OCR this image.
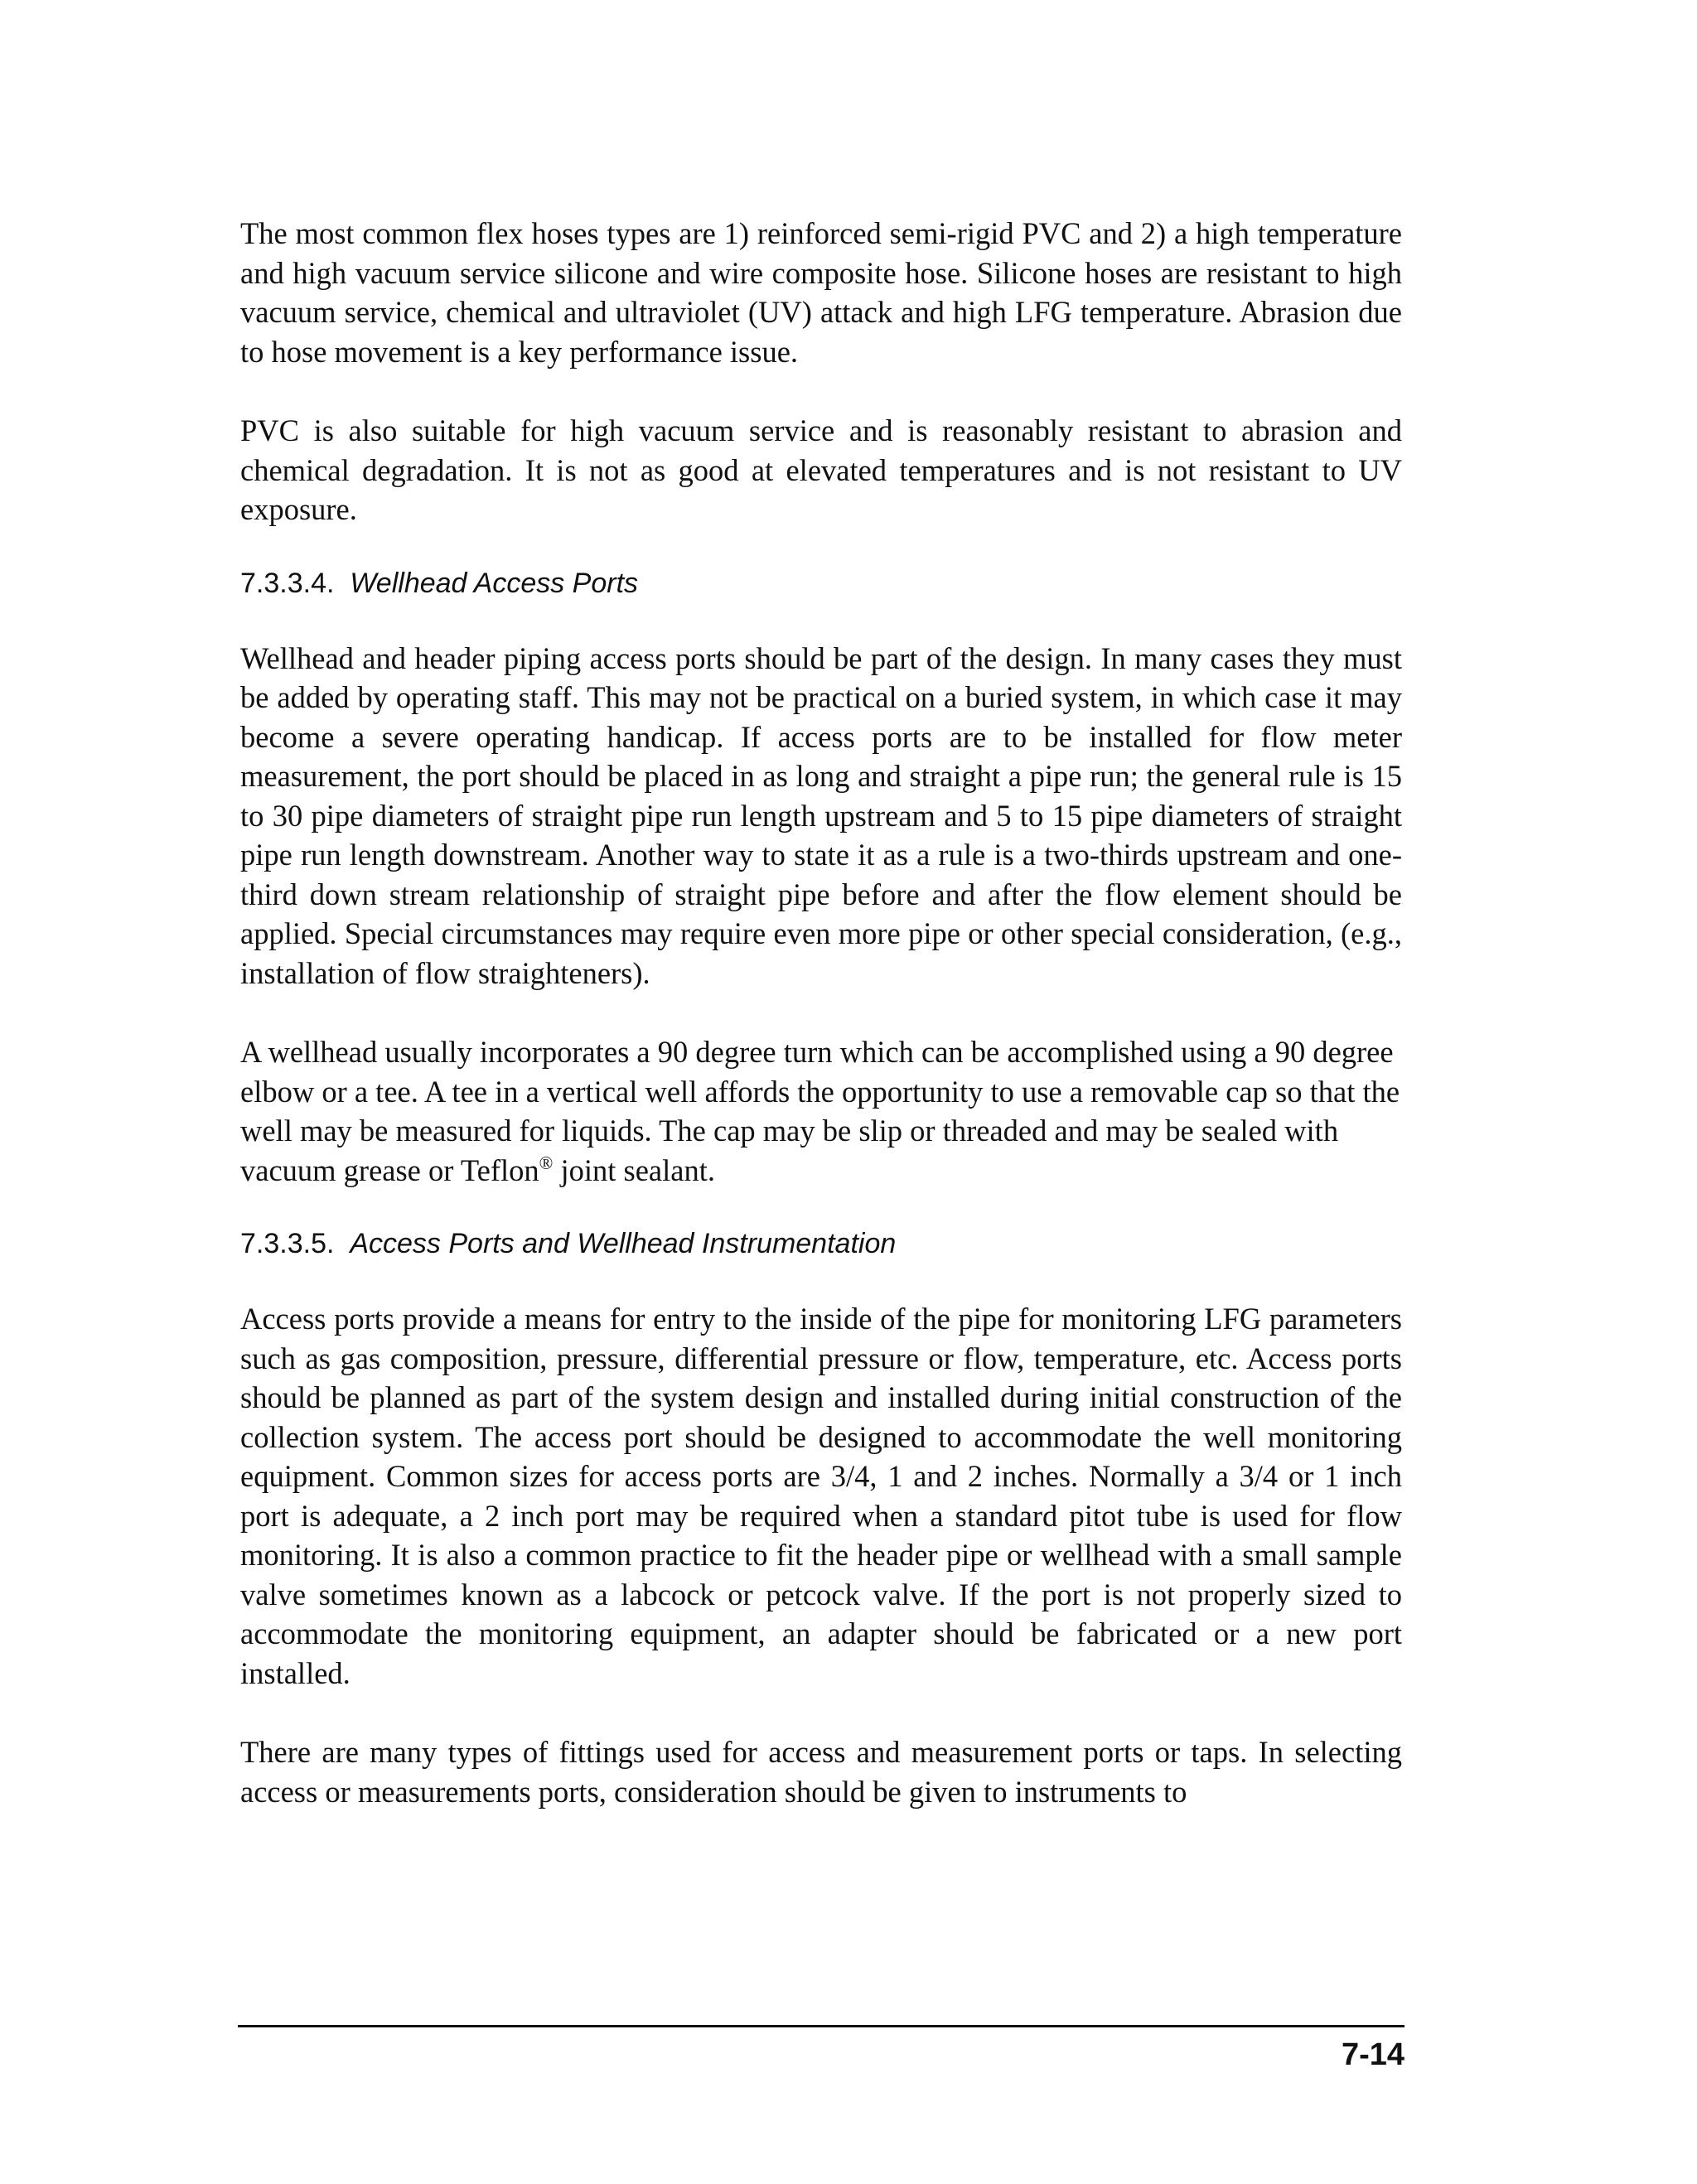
The most common flex hoses types are 1) reinforced semi-rigid PVC and 2) a high temperature and high vacuum service silicone and wire composite hose. Silicone hoses are resistant to high vacuum service, chemical and ultraviolet (UV) attack and high LFG temperature. Abrasion due to hose movement is a key performance issue.

PVC is also suitable for high vacuum service and is reasonably resistant to abrasion and chemical degradation. It is not as good at elevated temperatures and is not resistant to UV exposure.

7.3.3.4. Wellhead Access Ports

Wellhead and header piping access ports should be part of the design. In many cases they must be added by operating staff. This may not be practical on a buried system, in which case it may become a severe operating handicap. If access ports are to be installed for flow meter measurement, the port should be placed in as long and straight a pipe run; the general rule is 15 to 30 pipe diameters of straight pipe run length upstream and 5 to 15 pipe diameters of straight pipe run length downstream. Another way to state it as a rule is a two-thirds upstream and one-third down stream relationship of straight pipe before and after the flow element should be applied. Special circumstances may require even more pipe or other special consideration, (e.g., installation of flow straighteners).

A wellhead usually incorporates a 90 degree turn which can be accomplished using a 90 degree elbow or a tee. A tee in a vertical well affords the opportunity to use a removable cap so that the well may be measured for liquids. The cap may be slip or threaded and may be sealed with vacuum grease or Teflon® joint sealant.

7.3.3.5. Access Ports and Wellhead Instrumentation

Access ports provide a means for entry to the inside of the pipe for monitoring LFG parameters such as gas composition, pressure, differential pressure or flow, temperature, etc. Access ports should be planned as part of the system design and installed during initial construction of the collection system. The access port should be designed to accommodate the well monitoring equipment. Common sizes for access ports are 3/4, 1 and 2 inches. Normally a 3/4 or 1 inch port is adequate, a 2 inch port may be required when a standard pitot tube is used for flow monitoring. It is also a common practice to fit the header pipe or wellhead with a small sample valve sometimes known as a labcock or petcock valve. If the port is not properly sized to accommodate the monitoring equipment, an adapter should be fabricated or a new port installed.

There are many types of fittings used for access and measurement ports or taps. In selecting access or measurements ports, consideration should be given to instruments to

7-14
